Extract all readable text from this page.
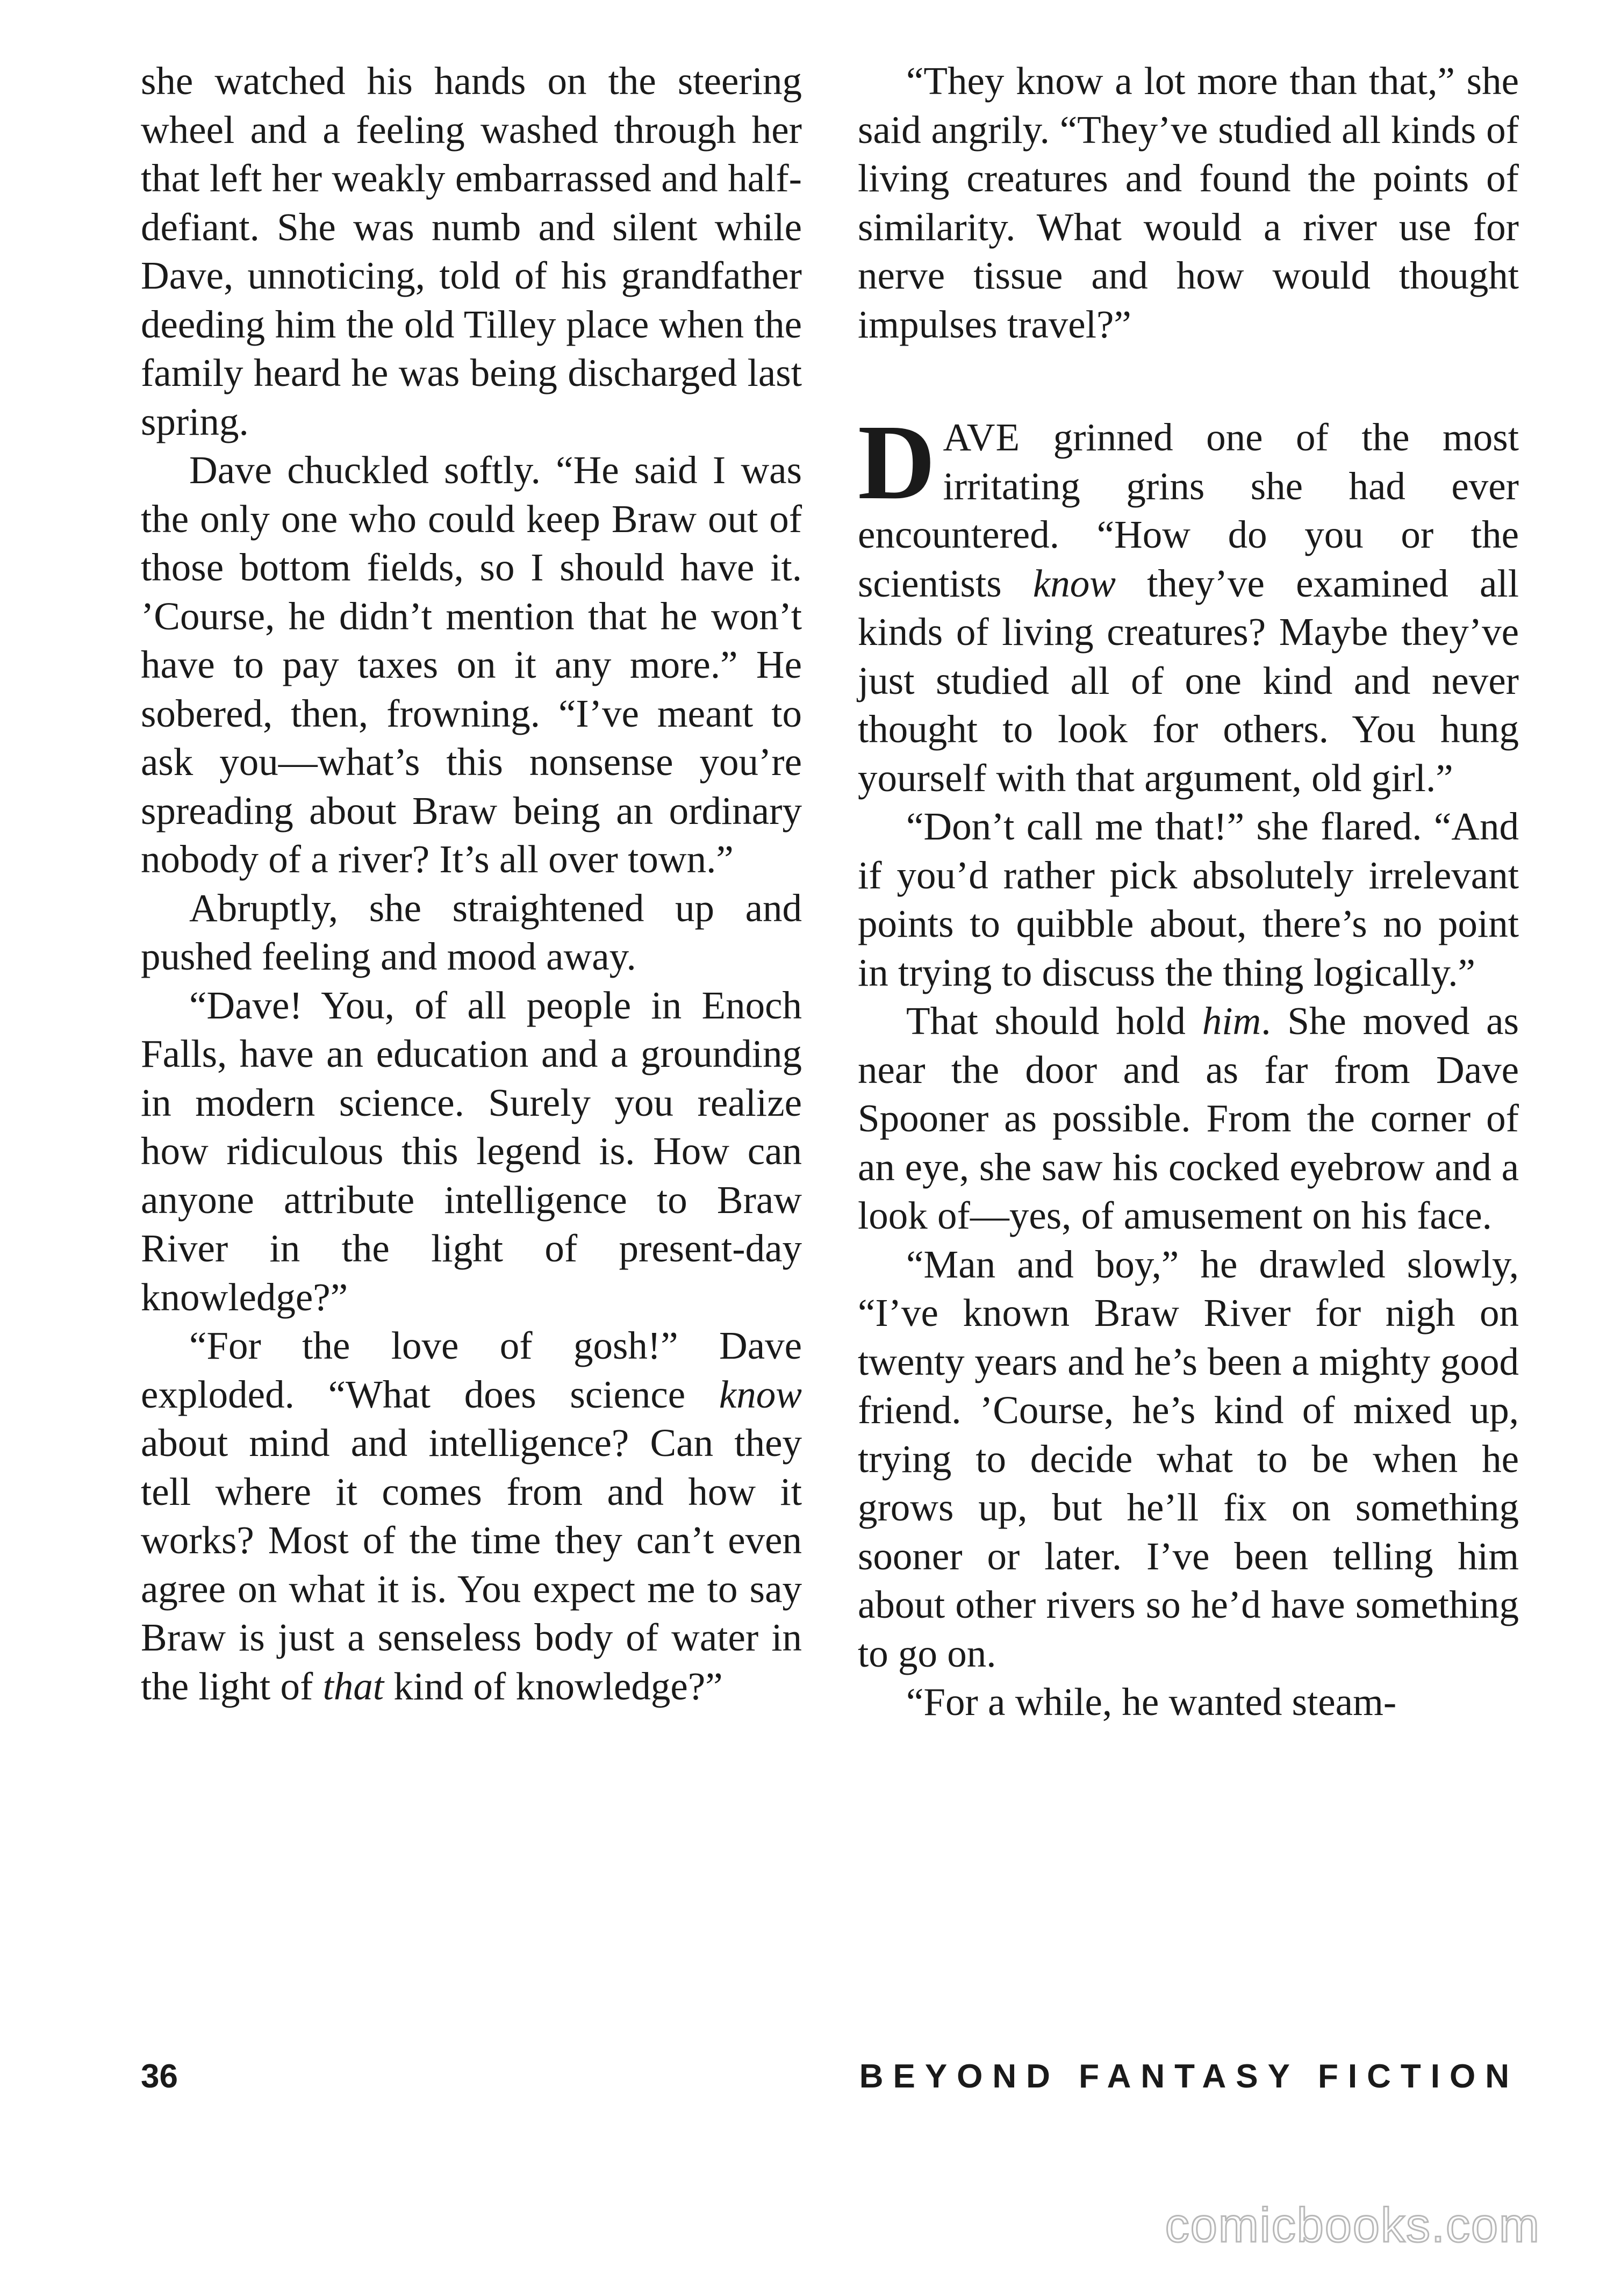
she watched his hands on the steering wheel and a feeling washed through her that left her weakly embarrassed and half-defiant. She was numb and silent while Dave, unnoticing, told of his grandfather deeding him the old Tilley place when the family heard he was being discharged last spring.

Dave chuckled softly. “He said I was the only one who could keep Braw out of those bottom fields, so I should have it. ’Course, he didn’t mention that he won’t have to pay taxes on it any more.” He sobered, then, frowning. “I’ve meant to ask you—what’s this nonsense you’re spreading about Braw being an ordinary nobody of a river? It’s all over town.”

Abruptly, she straightened up and pushed feeling and mood away.

“Dave! You, of all people in Enoch Falls, have an education and a grounding in modern science. Surely you realize how ridiculous this legend is. How can anyone attribute intelligence to Braw River in the light of present-day knowledge?”

“For the love of gosh!” Dave exploded. “What does science know about mind and intelligence? Can they tell where it comes from and how it works? Most of the time they can’t even agree on what it is. You expect me to say Braw is just a senseless body of water in the light of that kind of knowledge?”

“They know a lot more than that,” she said angrily. “They’ve studied all kinds of living creatures and found the points of similarity. What would a river use for nerve tissue and how would thought impulses travel?”

DAVE grinned one of the most irritating grins she had ever encountered. “How do you or the scientists know they’ve examined all kinds of living creatures? Maybe they’ve just studied all of one kind and never thought to look for others. You hung yourself with that argument, old girl.”

“Don’t call me that!” she flared. “And if you’d rather pick absolutely irrelevant points to quibble about, there’s no point in trying to discuss the thing logically.”

That should hold him. She moved as near the door and as far from Dave Spooner as possible. From the corner of an eye, she saw his cocked eyebrow and a look of—yes, of amusement on his face.

“Man and boy,” he drawled slowly, “I’ve known Braw River for nigh on twenty years and he’s been a mighty good friend. ’Course, he’s kind of mixed up, trying to decide what to be when he grows up, but he’ll fix on something sooner or later. I’ve been telling him about other rivers so he’d have something to go on.

“For a while, he wanted steam-

36	BEYOND FANTASY FICTION
comicbooks.com
